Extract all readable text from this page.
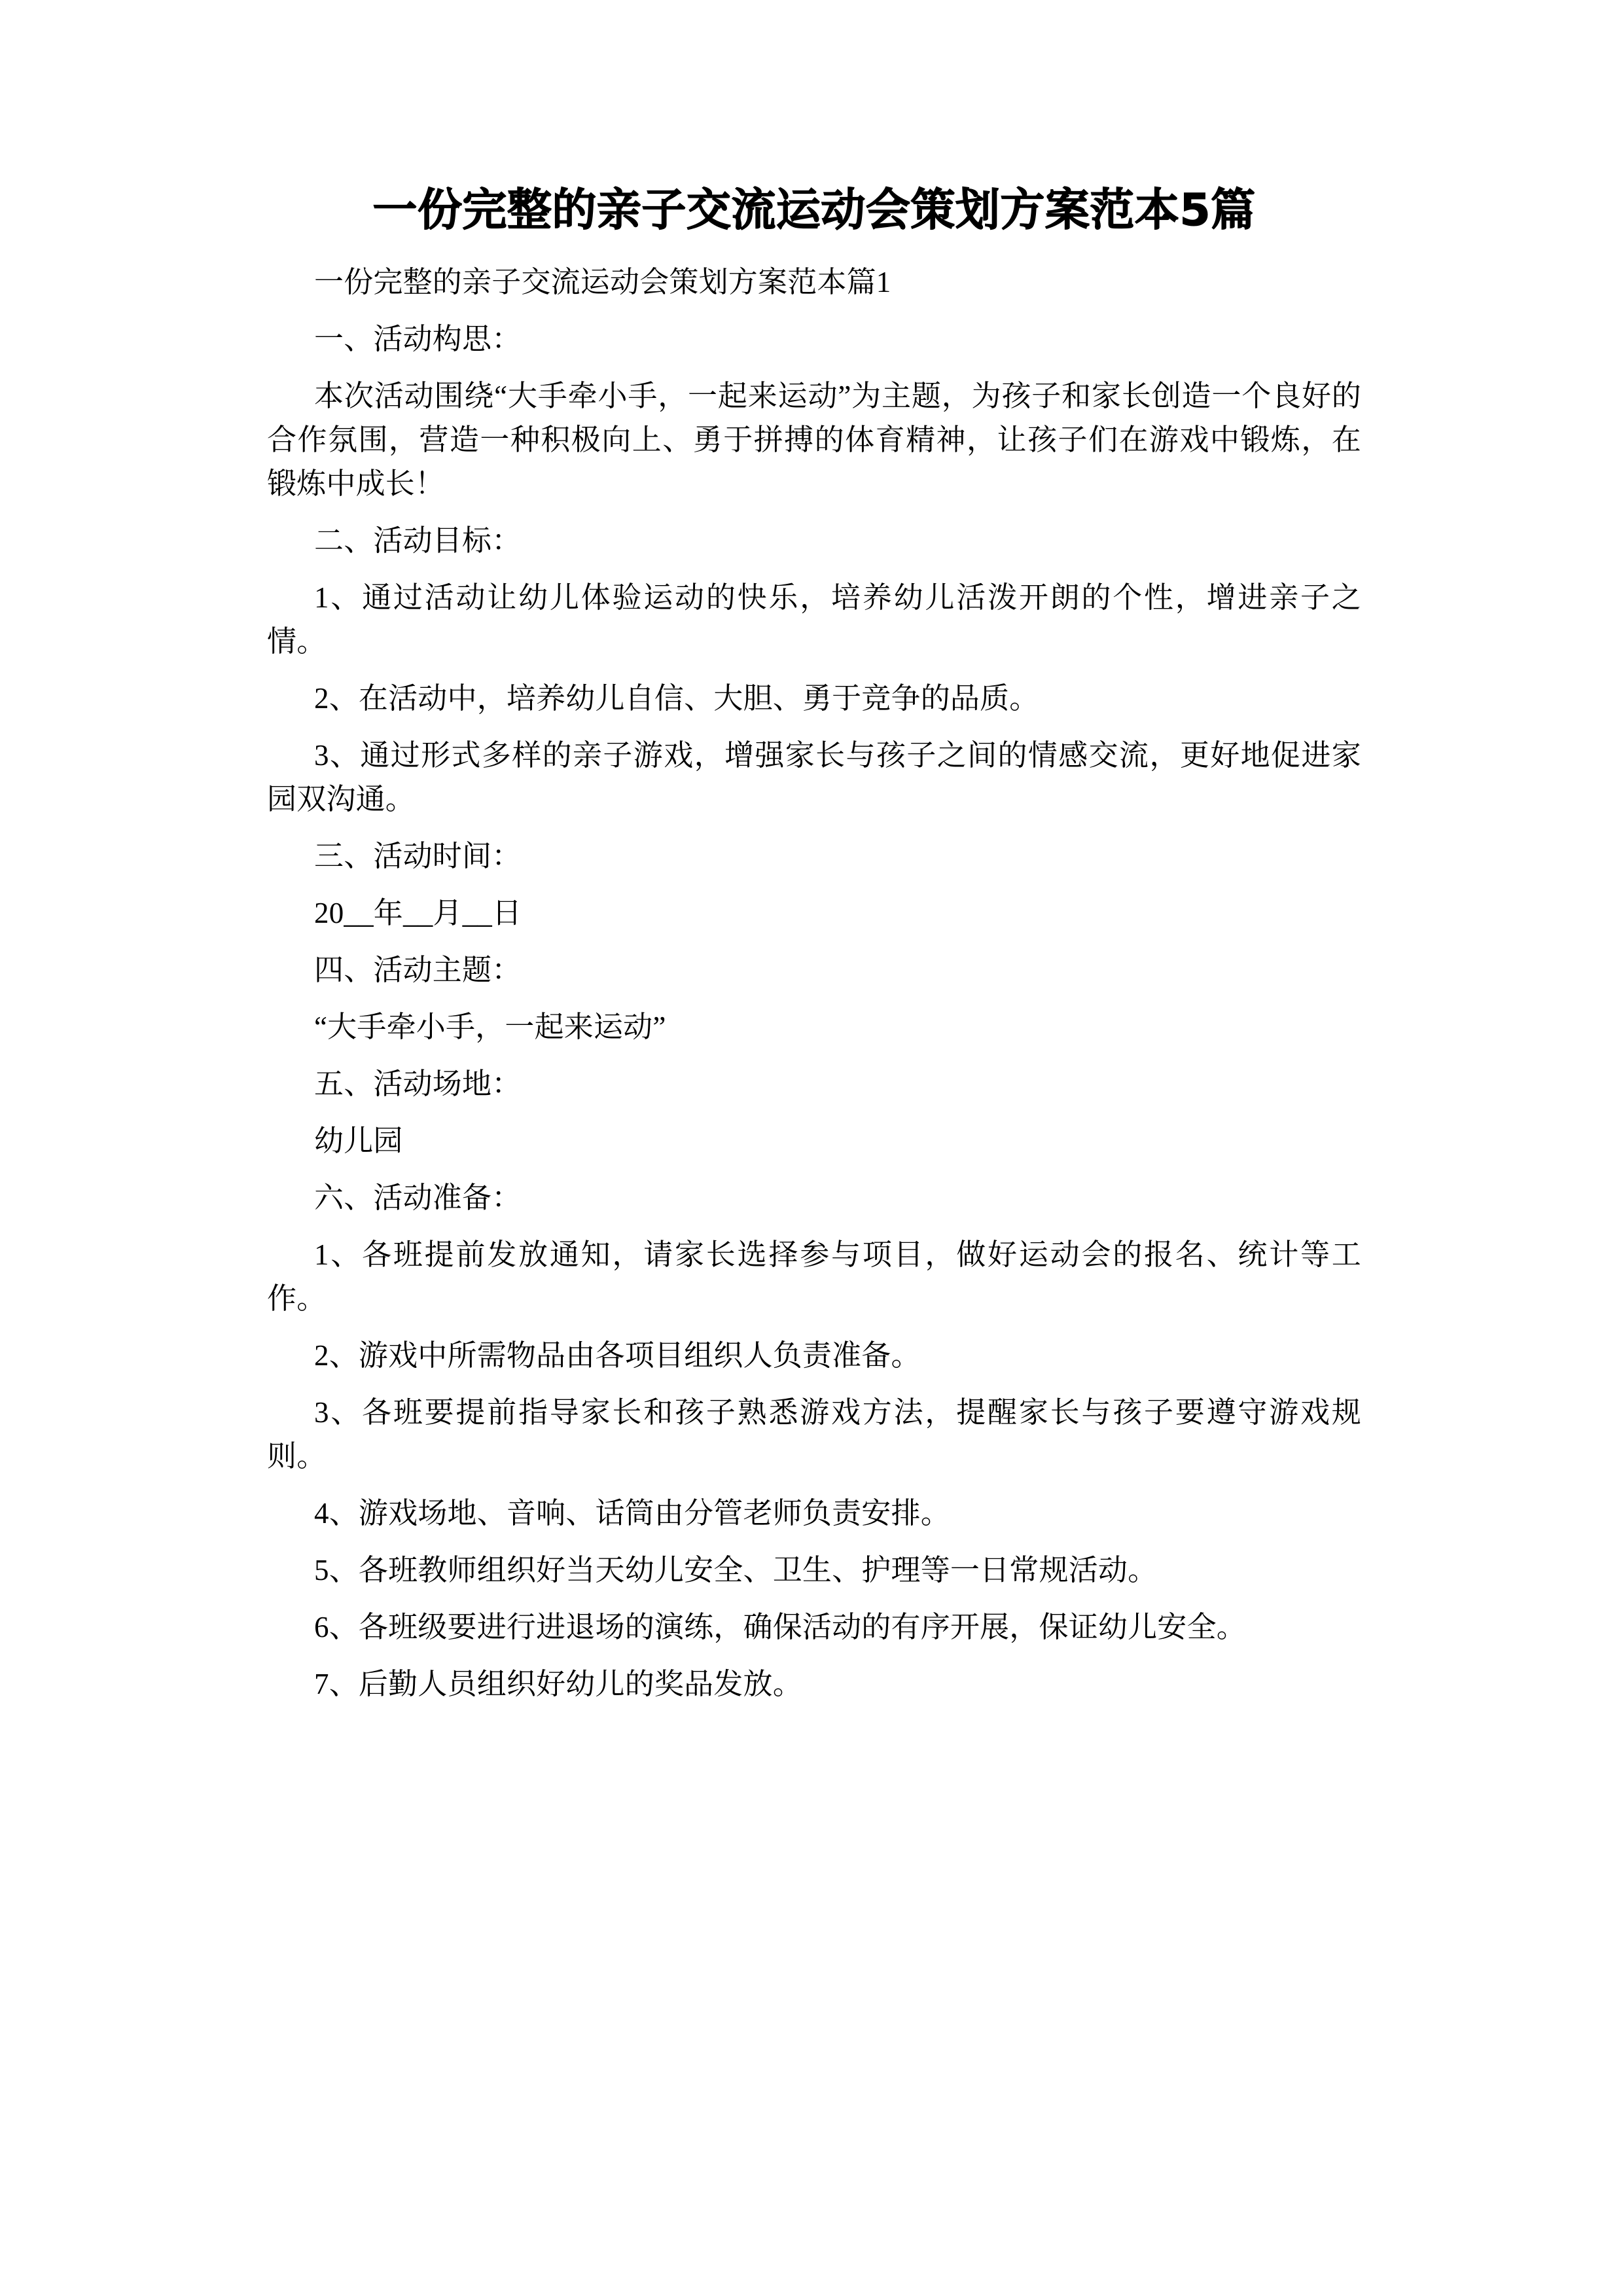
一份完整的亲子交流运动会策划方案范本5篇

一份完整的亲子交流运动会策划方案范本篇1

一、活动构思：

本次活动围绕“大手牵小手，一起来运动”为主题，为孩子和家长创造一个良好的合作氛围，营造一种积极向上、勇于拼搏的体育精神，让孩子们在游戏中锻炼，在锻炼中成长！

二、活动目标：

1、通过活动让幼儿体验运动的快乐，培养幼儿活泼开朗的个性，增进亲子之情。

2、在活动中，培养幼儿自信、大胆、勇于竞争的品质。

3、通过形式多样的亲子游戏，增强家长与孩子之间的情感交流，更好地促进家园双沟通。

三、活动时间：

20__年__月__日

四、活动主题：

“大手牵小手，一起来运动”

五、活动场地：

幼儿园

六、活动准备：

1、各班提前发放通知，请家长选择参与项目，做好运动会的报名、统计等工作。

2、游戏中所需物品由各项目组织人负责准备。

3、各班要提前指导家长和孩子熟悉游戏方法，提醒家长与孩子要遵守游戏规则。

4、游戏场地、音响、话筒由分管老师负责安排。

5、各班教师组织好当天幼儿安全、卫生、护理等一日常规活动。

6、各班级要进行进退场的演练，确保活动的有序开展，保证幼儿安全。

7、后勤人员组织好幼儿的奖品发放。
